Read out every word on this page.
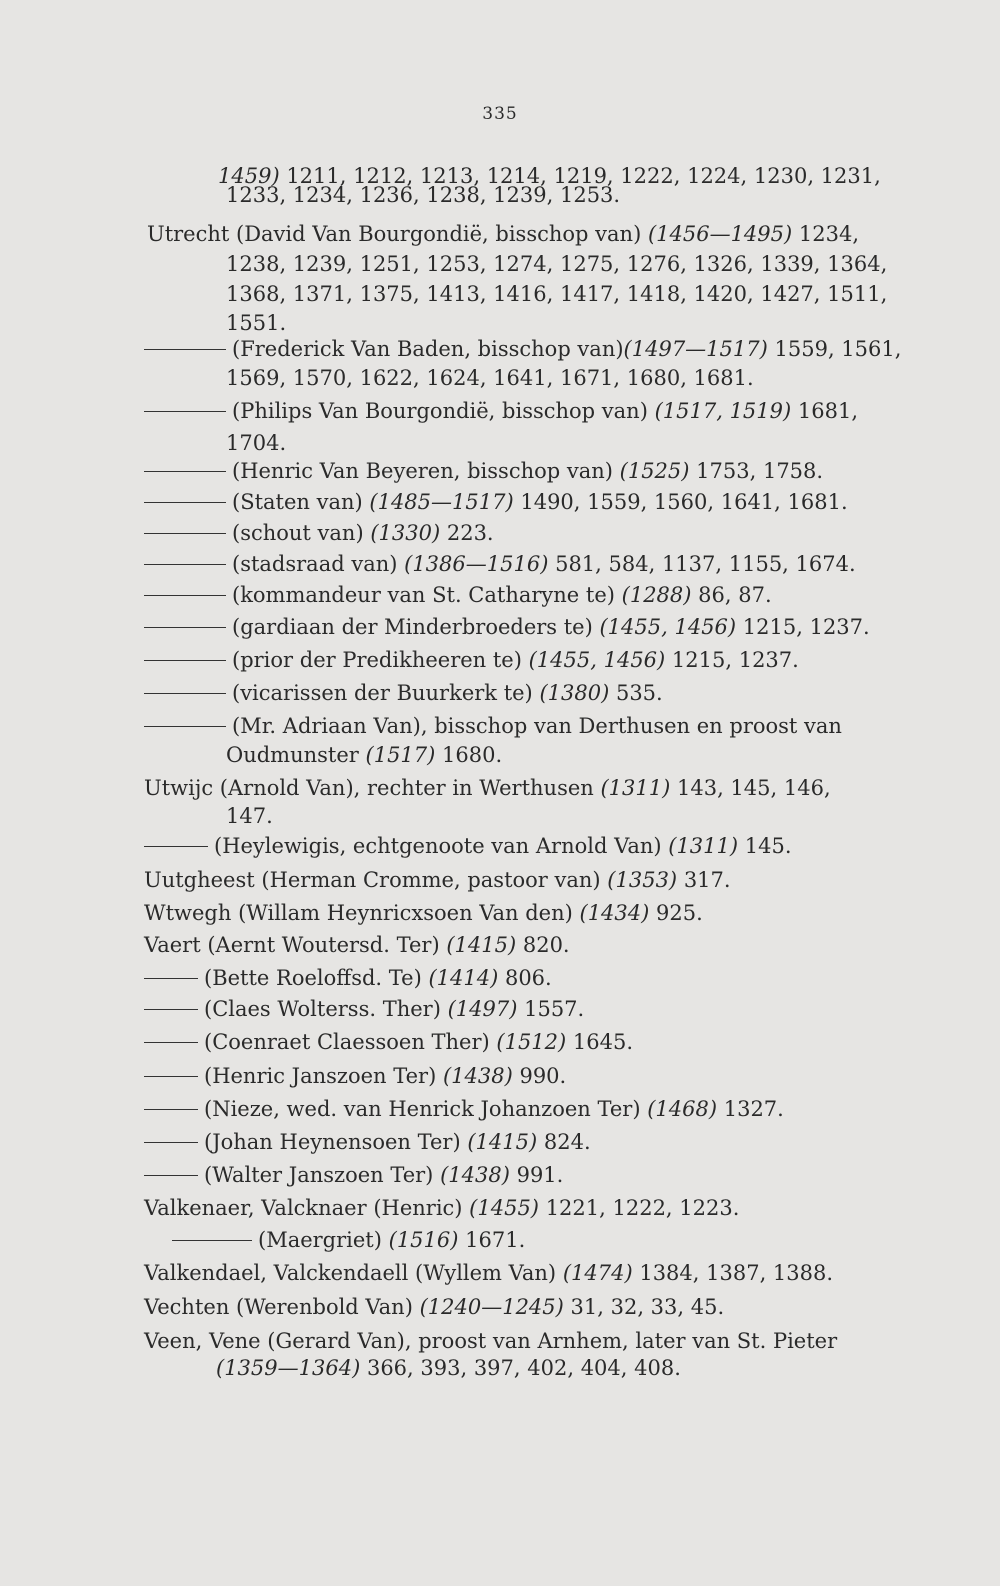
335
1459) 1211, 1212, 1213, 1214, 1219, 1222, 1224, 1230, 1231,
1233, 1234, 1236, 1238, 1239, 1253.
Utrecht (David Van Bourgondië, bisschop van) (1456—1495) 1234,
1238, 1239, 1251, 1253, 1274, 1275, 1276, 1326, 1339, 1364,
1368, 1371, 1375, 1413, 1416, 1417, 1418, 1420, 1427, 1511,
1551.
(Frederick Van Baden, bisschop van)(1497—1517) 1559, 1561,
1569, 1570, 1622, 1624, 1641, 1671, 1680, 1681.
(Philips Van Bourgondië, bisschop van) (1517, 1519) 1681,
1704.
(Henric Van Beyeren, bisschop van) (1525) 1753, 1758.
(Staten van) (1485—1517) 1490, 1559, 1560, 1641, 1681.
(schout van) (1330) 223.
(stadsraad van) (1386—1516) 581, 584, 1137, 1155, 1674.
(kommandeur van St. Catharyne te) (1288) 86, 87.
(gardiaan der Minderbroeders te) (1455, 1456) 1215, 1237.
(prior der Predikheeren te) (1455, 1456) 1215, 1237.
(vicarissen der Buurkerk te) (1380) 535.
(Mr. Adriaan Van), bisschop van Derthusen en proost van
Oudmunster (1517) 1680.
Utwijc (Arnold Van), rechter in Werthusen (1311) 143, 145, 146,
147.
(Heylewigis, echtgenoote van Arnold Van) (1311) 145.
Uutgheest (Herman Cromme, pastoor van) (1353) 317.
Wtwegh (Willam Heynricxsoen Van den) (1434) 925.
Vaert (Aernt Woutersd. Ter) (1415) 820.
(Bette Roeloffsd. Te) (1414) 806.
(Claes Wolterss. Ther) (1497) 1557.
(Coenraet Claessoen Ther) (1512) 1645.
(Henric Janszoen Ter) (1438) 990.
(Nieze, wed. van Henrick Johanzoen Ter) (1468) 1327.
(Johan Heynensoen Ter) (1415) 824.
(Walter Janszoen Ter) (1438) 991.
Valkenaer, Valcknaer (Henric) (1455) 1221, 1222, 1223.
(Maergriet) (1516) 1671.
Valkendael, Valckendaell (Wyllem Van) (1474) 1384, 1387, 1388.
Vechten (Werenbold Van) (1240—1245) 31, 32, 33, 45.
Veen, Vene (Gerard Van), proost van Arnhem, later van St. Pieter
(1359—1364) 366, 393, 397, 402, 404, 408.
